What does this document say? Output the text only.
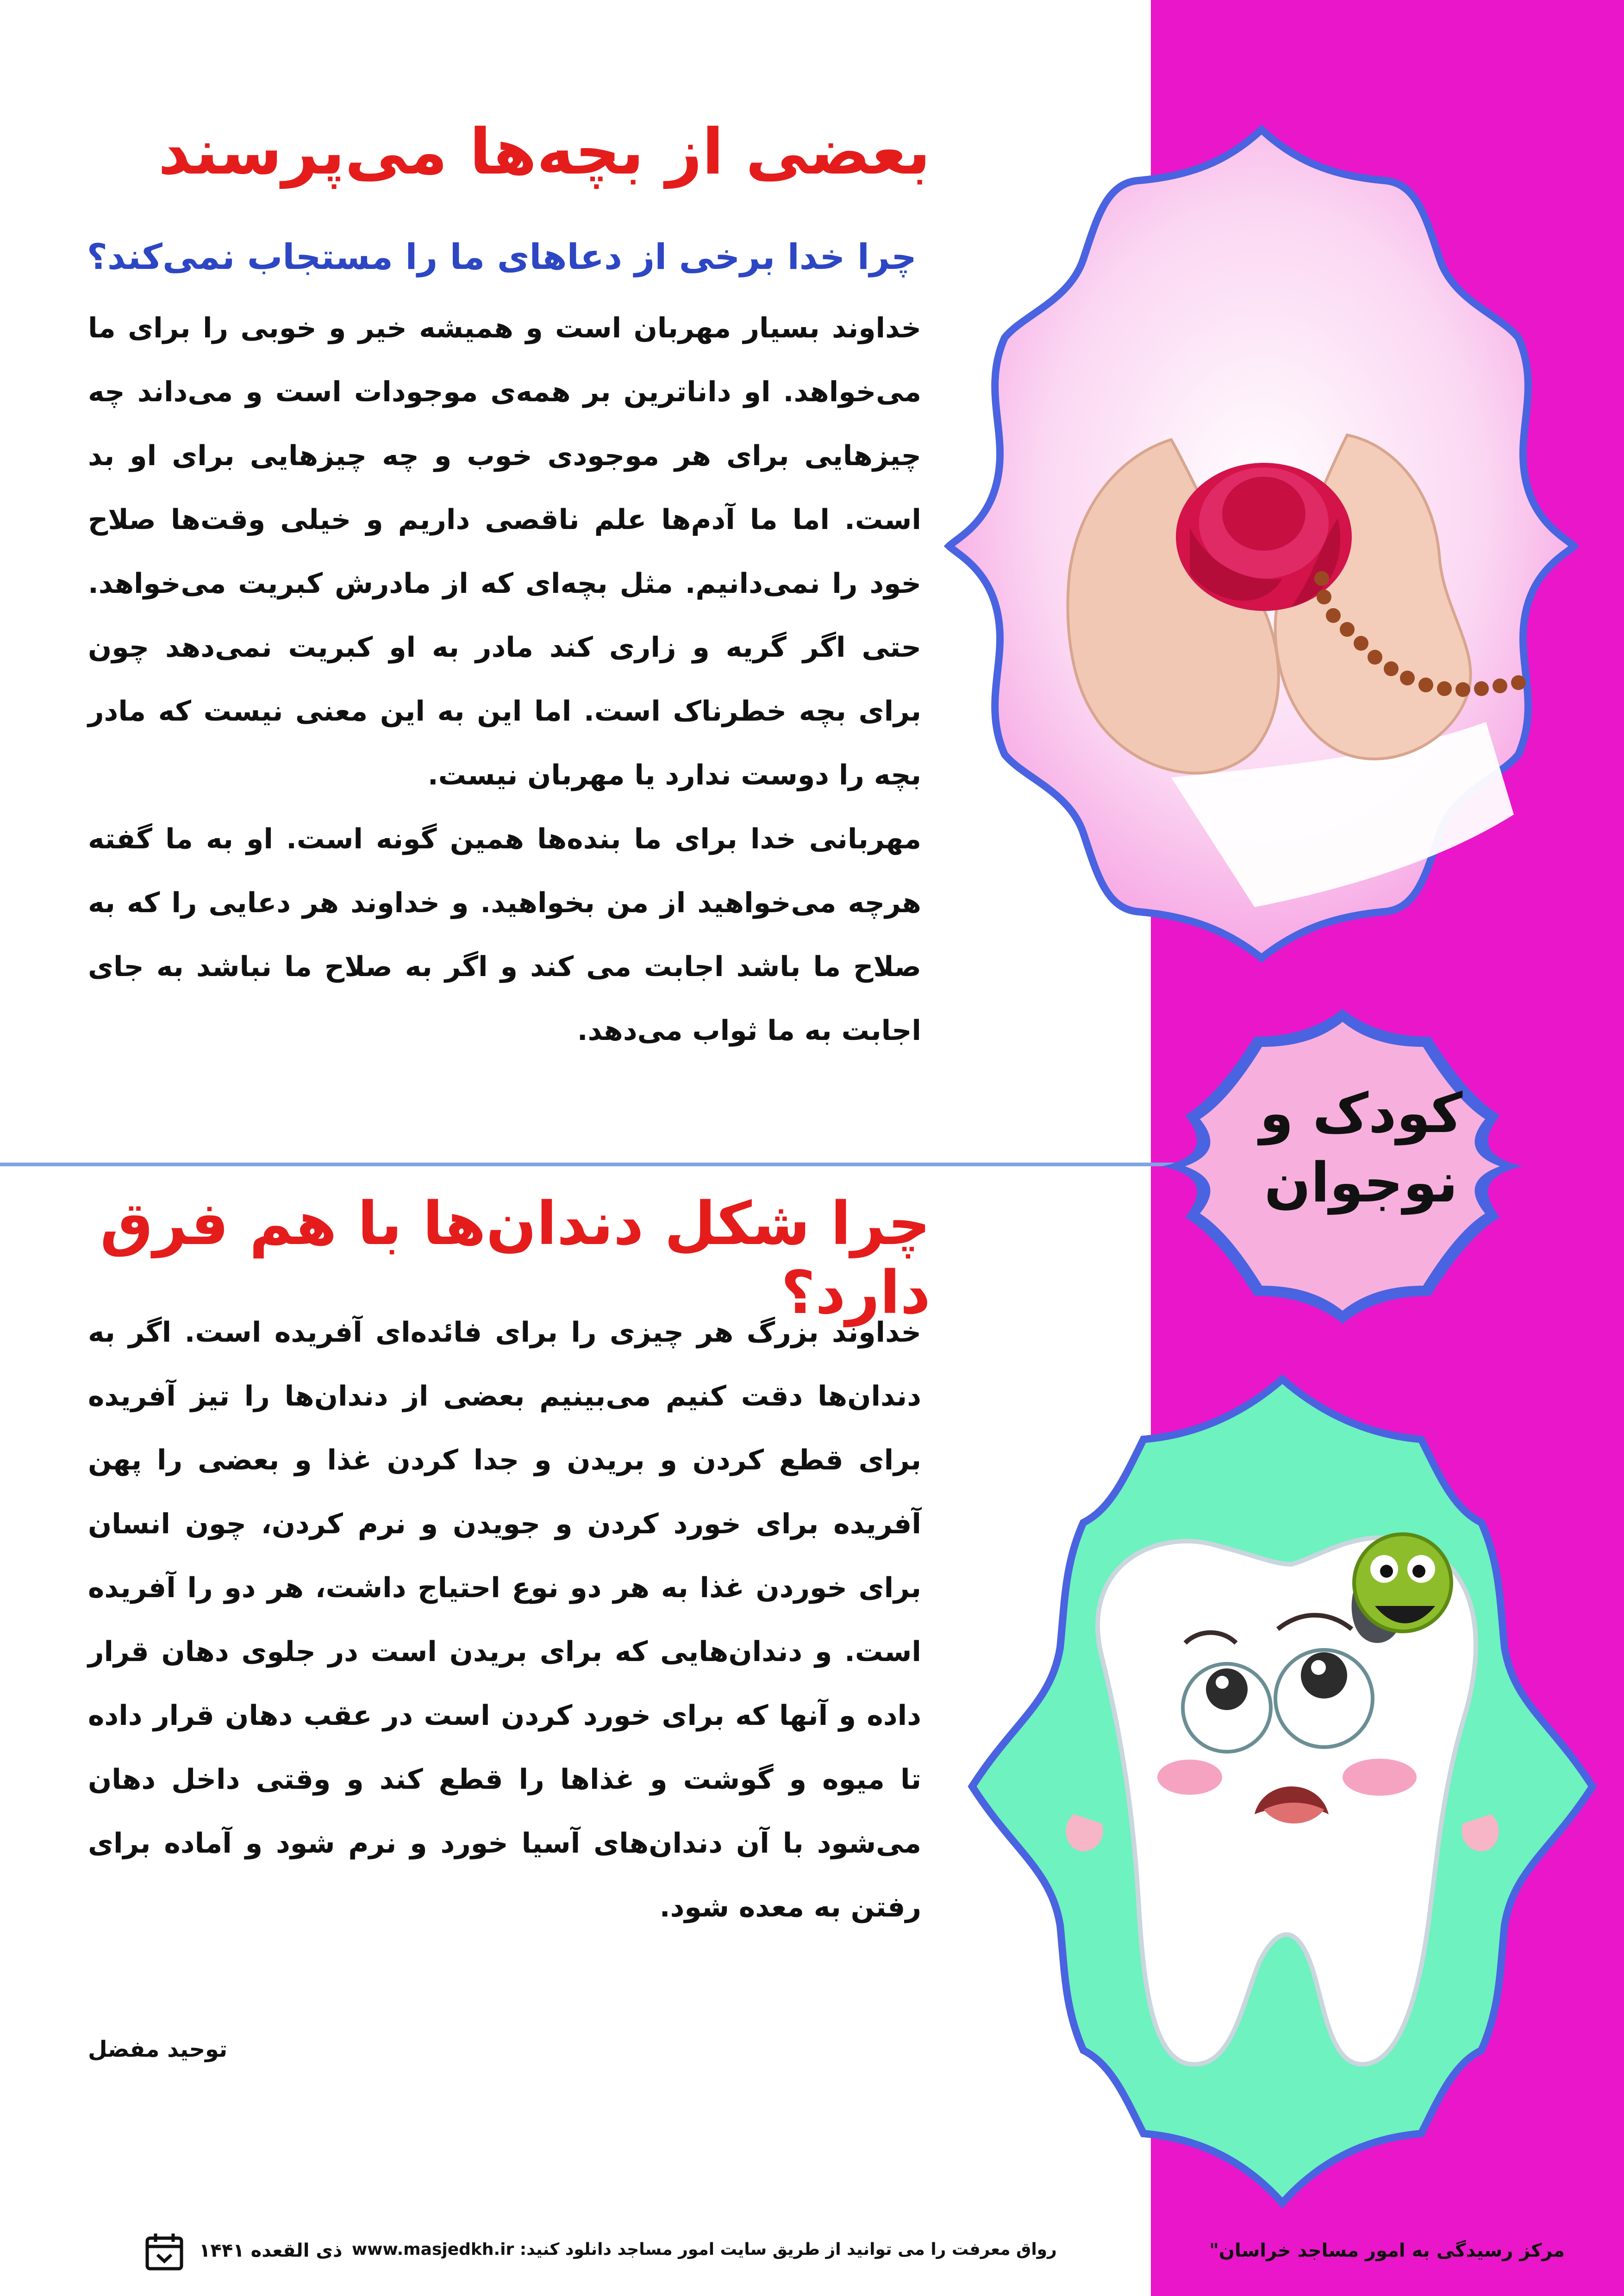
بعضی از بچه‌ها می‌پرسند
چرا خدا برخی از دعاهای ما را مستجاب نمی‌کند؟

خداوند بسیار مهربان است و همیشه خیر و خوبی را برای ما می‌خواهد. او داناترین بر همه‌ی موجودات است و می‌داند چه چیزهایی برای هر موجودی خوب و چه چیزهایی برای او بد است. اما ما آدم‌ها علم ناقصی داریم و خیلی وقت‌ها صلاح خود را نمی‌دانیم. مثل بچه‌ای که از مادرش کبریت می‌خواهد. حتی اگر گریه و زاری کند مادر به او کبریت نمی‌دهد چون برای بچه خطرناک است. اما این به این معنی نیست که مادر بچه را دوست ندارد یا مهربان نیست.

مهربانی خدا برای ما بنده‌ها همین گونه است. او به ما گفته هرچه می‌خواهید از من بخواهید. و خداوند هر دعایی را که به صلاح ما باشد اجابت می کند و اگر به صلاح ما نباشد به جای اجابت به ما ثواب می‌دهد.

چرا شکل دندان‌ها با هم فرق دارد؟

خداوند بزرگ هر چیزی را برای فائده‌ای آفریده است. اگر به دندان‌ها دقت کنیم می‌بینیم بعضی از دندان‌ها را تیز آفریده برای قطع کردن و بریدن و جدا کردن غذا و بعضی را پهن آفریده برای خورد کردن و جویدن و نرم کردن، چون انسان برای خوردن غذا به هر دو نوع احتیاج داشت، هر دو را آفریده است. و دندان‌هایی که برای بریدن است در جلوی دهان قرار داده و آنها که برای خورد کردن است در عقب دهان قرار داده تا میوه و گوشت و غذاها را قطع کند و وقتی داخل دهان می‌شود با آن دندان‌های آسیا خورد و نرم شود و آماده برای رفتن به معده شود.

توحید مفضل
کودک و
نوجوان
مرکز رسیدگی به امور مساجد خراسان"
رواق معرفت را می توانید از طریق سایت امور مساجد دانلود کنید: www.masjedkh.ir
ذی القعده ۱۴۴۱
